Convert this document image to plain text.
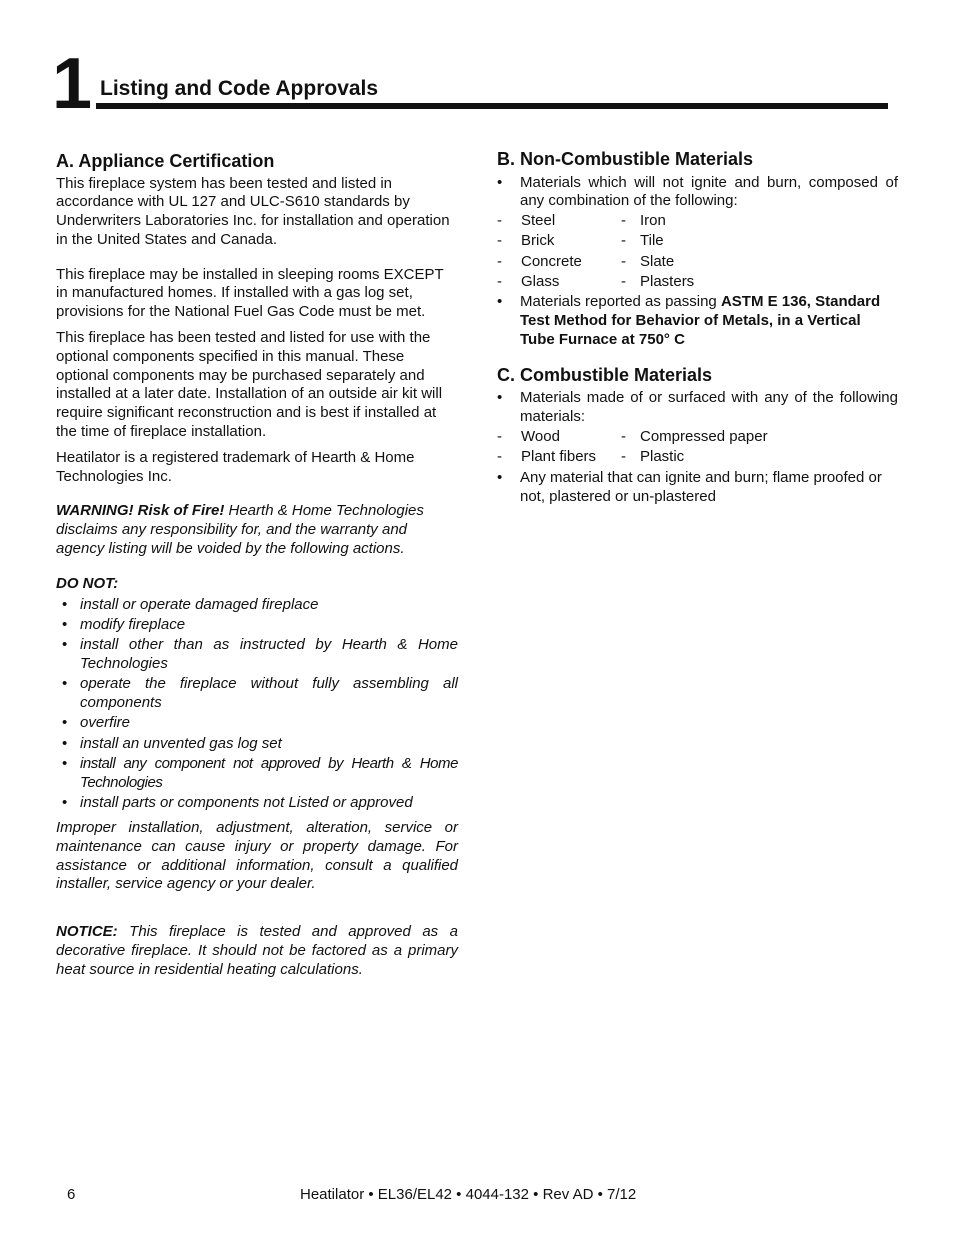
1 Listing and Code Approvals
A. Appliance Certification

This fireplace system has been tested and listed in accordance with UL 127 and ULC-S610 standards by Underwriters Laboratories Inc. for installation and operation in the United States and Canada.

This fireplace may be installed in sleeping rooms EXCEPT in manufactured homes. If installed with a gas log set, provisions for the National Fuel Gas Code must be met.

This fireplace has been tested and listed for use with the optional components specified in this manual. These optional components may be purchased separately and installed at a later date. Installation of an outside air kit will require significant reconstruction and is best if installed at the time of fireplace installation.

Heatilator is a registered trademark of Hearth & Home Technologies Inc.

WARNING! Risk of Fire! Hearth & Home Technologies disclaims any responsibility for, and the warranty and agency listing will be voided by the following actions.

DO NOT:

• install or operate damaged fireplace
• modify fireplace
• install other than as instructed by Hearth & Home Technologies
• operate the fireplace without fully assembling all components
• overfire
• install an unvented gas log set
• install any component not approved by Hearth & Home Technologies
• install parts or components not Listed or approved

Improper installation, adjustment, alteration, service or maintenance can cause injury or property damage. For assistance or additional information, consult a qualified installer, service agency or your dealer.

NOTICE: This fireplace is tested and approved as a decorative fireplace. It should not be factored as a primary heat source in residential heating calculations.

B. Non-Combustible Materials
• Materials which will not ignite and burn, composed of any combination of the following:
-	Steel	- Iron
-	Brick	- Tile
-	Concrete	- Slate
-	Glass	- Plasters
• Materials reported as passing ASTM E 136, Standard Test Method for Behavior of Metals, in a Vertical Tube Furnace at 750° C
C. Combustible Materials
• Materials made of or surfaced with any of the following materials:
-	Wood	- Compressed paper
-	Plant fibers	- Plastic
• Any material that can ignite and burn; flame proofed or not, plastered or un-plastered
6	Heatilator • EL36/EL42 • 4044-132 • Rev AD • 7/12
